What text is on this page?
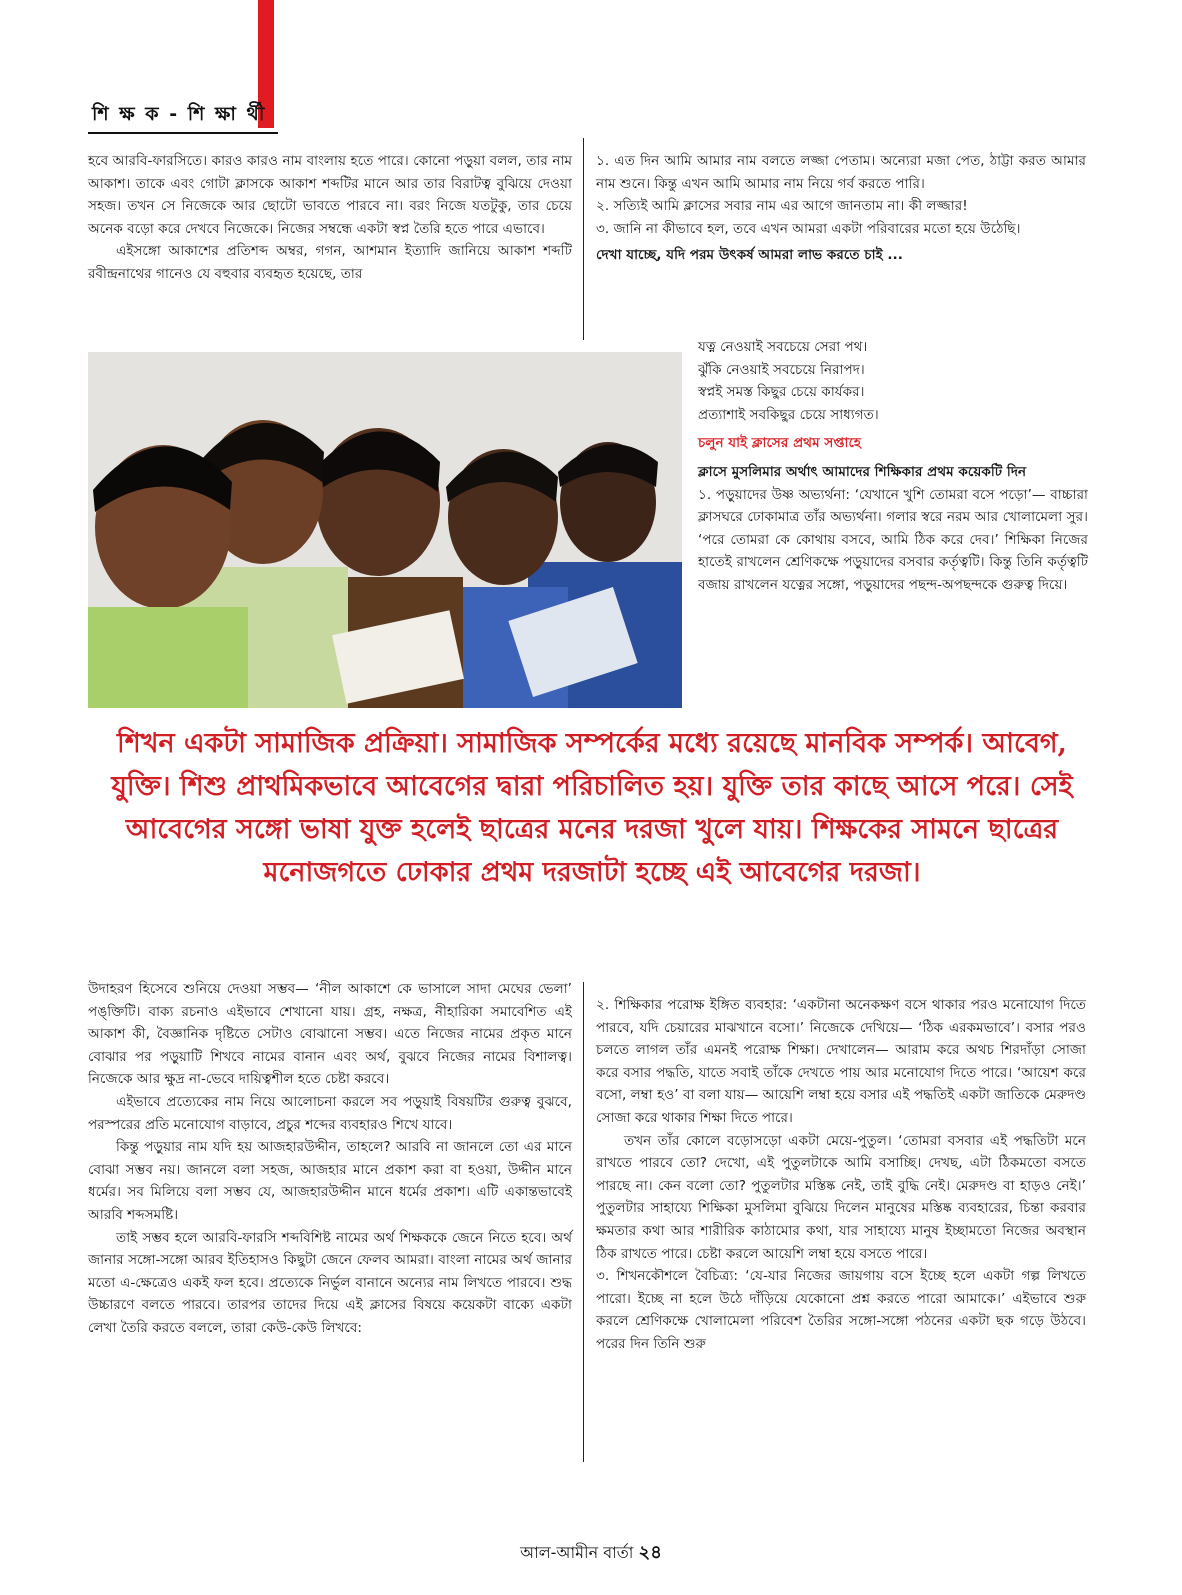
শি ক্ষ ক - শি ক্ষা র্থী

হবে আরবি-ফারসিতে। কারও কারও নাম বাংলায় হতে পারে। কোনো পড়ুয়া বলল, তার নাম আকাশ। তাকে এবং গোটা ক্লাসকে আকাশ শব্দটির মানে আর তার বিরাটত্ব বুঝিয়ে দেওয়া সহজ। তখন সে নিজেকে আর ছোটো ভাবতে পারবে না। বরং নিজে যতটুকু, তার চেয়ে অনেক বড়ো করে দেখবে নিজেকে। নিজের সম্বন্ধে একটা স্বপ্ন তৈরি হতে পারে এভাবে।

এইসঙ্গো আকাশের প্রতিশব্দ অম্বর, গগন, আশমান ইত্যাদি জানিয়ে আকাশ শব্দটি রবীন্দ্রনাথের গানেও যে বহুবার ব্যবহৃত হয়েছে, তার

১. এত দিন আমি আমার নাম বলতে লজ্জা পেতাম। অন্যেরা মজা পেত, ঠাট্টা করত আমার নাম শুনে। কিন্তু এখন আমি আমার নাম নিয়ে গর্ব করতে পারি।

২. সত্যিই আমি ক্লাসের সবার নাম এর আগে জানতাম না। কী লজ্জার!

৩. জানি না কীভাবে হল, তবে এখন আমরা একটা পরিবারের মতো হয়ে উঠেছি।

দেখা যাচ্ছে, যদি পরম উৎকর্ষ আমরা লাভ করতে চাই ...

যত্ন নেওয়াই সবচেয়ে সেরা পথ।

ঝুঁকি নেওয়াই সবচেয়ে নিরাপদ।

স্বপ্নই সমস্ত কিছুর চেয়ে কার্যকর।

প্রত্যাশাই সবকিছুর চেয়ে সাধ্যগত।

চলুন যাই ক্লাসের প্রথম সপ্তাহে

ক্লাসে মুসলিমার অর্থাৎ আমাদের শিক্ষিকার প্রথম কয়েকটি দিন

১. পড়ুয়াদের উষ্ণ অভ্যর্থনা: ‘যেখানে খুশি তোমরা বসে পড়ো’— বাচ্চারা ক্লাসঘরে ঢোকামাত্র তাঁর অভ্যর্থনা। গলার স্বরে নরম আর খোলামেলা সুর। ‘পরে তোমরা কে কোথায় বসবে, আমি ঠিক করে দেব।’ শিক্ষিকা নিজের হাতেই রাখলেন শ্রেণিকক্ষে পড়ুয়াদের বসবার কর্তৃত্বটি। কিন্তু তিনি কর্তৃত্বটি বজায় রাখলেন যত্নের সঙ্গো, পড়ুয়াদের পছন্দ-অপছন্দকে গুরুত্ব দিয়ে।

শিখন একটা সামাজিক প্রক্রিয়া। সামাজিক সম্পর্কের মধ্যে রয়েছে মানবিক সম্পর্ক। আবেগ, যুক্তি। শিশু প্রাথমিকভাবে আবেগের দ্বারা পরিচালিত হয়। যুক্তি তার কাছে আসে পরে। সেই আবেগের সঙ্গো ভাষা যুক্ত হলেই ছাত্রের মনের দরজা খুলে যায়। শিক্ষকের সামনে ছাত্রের মনোজগতে ঢোকার প্রথম দরজাটা হচ্ছে এই আবেগের দরজা।

উদাহরণ হিসেবে শুনিয়ে দেওয়া সম্ভব— ‘নীল আকাশে কে ভাসালে সাদা মেঘের ভেলা’ পঙ্‌ক্তিটি। বাক্য রচনাও এইভাবে শেখানো যায়। গ্রহ, নক্ষত্র, নীহারিকা সমাবেশিত এই আকাশ কী, বৈজ্ঞানিক দৃষ্টিতে সেটাও বোঝানো সম্ভব। এতে নিজের নামের প্রকৃত মানে বোঝার পর পড়ুয়াটি শিখবে নামের বানান এবং অর্থ, বুঝবে নিজের নামের বিশালত্ব। নিজেকে আর ক্ষুদ্র না-ভেবে দায়িত্বশীল হতে চেষ্টা করবে।

এইভাবে প্রত্যেকের নাম নিয়ে আলোচনা করলে সব পড়ুয়াই বিষয়টির গুরুত্ব বুঝবে, পরস্পরের প্রতি মনোযোগ বাড়াবে, প্রচুর শব্দের ব্যবহারও শিখে যাবে।

কিন্তু পড়ুয়ার নাম যদি হয় আজহারউদ্দীন, তাহলে? আরবি না জানলে তো এর মানে বোঝা সম্ভব নয়। জানলে বলা সহজ, আজহার মানে প্রকাশ করা বা হওয়া, উদ্দীন মানে ধর্মের। সব মিলিয়ে বলা সম্ভব যে, আজহারউদ্দীন মানে ধর্মের প্রকাশ। এটি একান্তভাবেই আরবি শব্দসমষ্টি।

তাই সম্ভব হলে আরবি-ফারসি শব্দবিশিষ্ট নামের অর্থ শিক্ষককে জেনে নিতে হবে। অর্থ জানার সঙ্গো-সঙ্গো আরব ইতিহাসও কিছুটা জেনে ফেলব আমরা। বাংলা নামের অর্থ জানার মতো এ-ক্ষেত্রেও একই ফল হবে। প্রত্যেকে নির্ভুল বানানে অন্যের নাম লিখতে পারবে। শুদ্ধ উচ্চারণে বলতে পারবে। তারপর তাদের দিয়ে এই ক্লাসের বিষয়ে কয়েকটা বাক্যে একটা লেখা তৈরি করতে বললে, তারা কেউ-কেউ লিখবে:

২. শিক্ষিকার পরোক্ষ ইঙ্গিত ব্যবহার: ‘একটানা অনেকক্ষণ বসে থাকার পরও মনোযোগ দিতে পারবে, যদি চেয়ারের মাঝখানে বসো।’ নিজেকে দেখিয়ে— ‘ঠিক এরকমভাবে’। বসার পরও চলতে লাগল তাঁর এমনই পরোক্ষ শিক্ষা। দেখালেন— আরাম করে অথচ শিরদাঁড়া সোজা করে বসার পদ্ধতি, যাতে সবাই তাঁকে দেখতে পায় আর মনোযোগ দিতে পারে। ‘আয়েশ করে বসো, লম্বা হও’ বা বলা যায়— আয়েশি লম্বা হয়ে বসার এই পদ্ধতিই একটা জাতিকে মেরুদণ্ড সোজা করে থাকার শিক্ষা দিতে পারে।

তখন তাঁর কোলে বড়োসড়ো একটা মেয়ে-পুতুল। ‘তোমরা বসবার এই পদ্ধতিটা মনে রাখতে পারবে তো? দেখো, এই পুতুলটাকে আমি বসাচ্ছি। দেখছ, এটা ঠিকমতো বসতে পারছে না। কেন বলো তো? পুতুলটার মস্তিষ্ক নেই, তাই বুদ্ধি নেই। মেরুদণ্ড বা হাড়ও নেই।’ পুতুলটার সাহায্যে শিক্ষিকা মুসলিমা বুঝিয়ে দিলেন মানুষের মস্তিষ্ক ব্যবহারের, চিন্তা করবার ক্ষমতার কথা আর শারীরিক কাঠামোর কথা, যার সাহায্যে মানুষ ইচ্ছামতো নিজের অবস্থান ঠিক রাখতে পারে। চেষ্টা করলে আয়েশি লম্বা হয়ে বসতে পারে।

৩. শিখনকৌশলে বৈচিত্র্য: ‘যে-যার নিজের জায়গায় বসে ইচ্ছে হলে একটা গল্প লিখতে পারো। ইচ্ছে না হলে উঠে দাঁড়িয়ে যেকোনো প্রশ্ন করতে পারো আমাকে।’ এইভাবে শুরু করলে শ্রেণিকক্ষে খোলামেলা পরিবেশ তৈরির সঙ্গো-সঙ্গো পঠনের একটা ছক গড়ে উঠবে। পরের দিন তিনি শুরু

আল-আমীন বার্তা ২৪
